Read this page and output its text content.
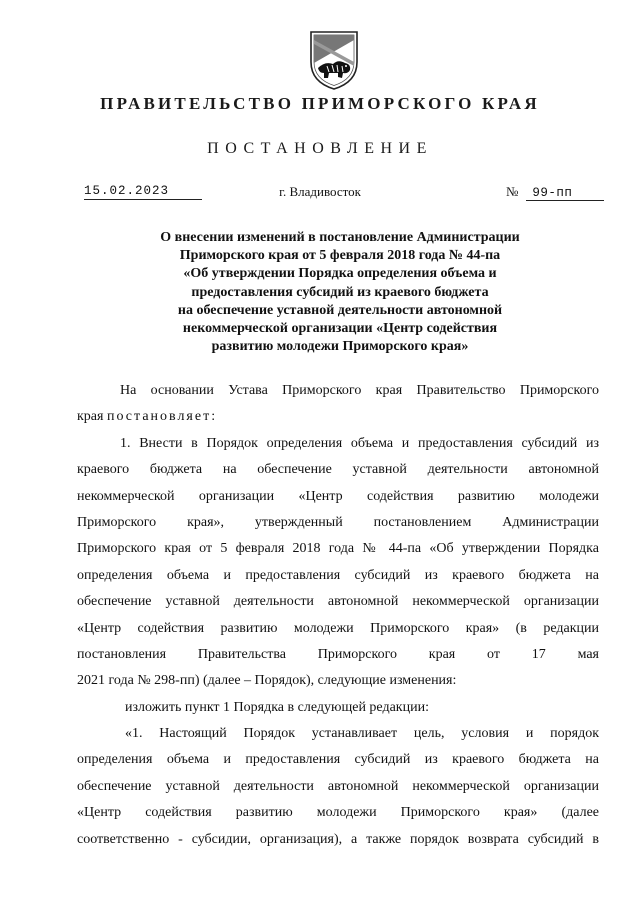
ПРАВИТЕЛЬСТВО ПРИМОРСКОГО КРАЯ
ПОСТАНОВЛЕНИЕ
15.02.2023	г. Владивосток	№ 99-пп
О внесении изменений в постановление Администрации
Приморского края от 5 февраля 2018 года № 44-па
«Об утверждении Порядка определения объема и
предоставления субсидий из краевого бюджета
на обеспечение уставной деятельности автономной
некоммерческой организации «Центр содействия
развитию молодежи Приморского края»
На основании Устава Приморского края Правительство Приморского
края постановляет:
1. Внести в Порядок определения объема и предоставления субсидий из
краевого бюджета на обеспечение уставной деятельности автономной
некоммерческой организации «Центр содействия развитию молодежи
Приморского края», утвержденный постановлением Администрации
Приморского края от 5 февраля 2018 года № 44-па «Об утверждении Порядка
определения объема и предоставления субсидий из краевого бюджета на
обеспечение уставной деятельности автономной некоммерческой организации
«Центр содействия развитию молодежи Приморского края» (в редакции
постановления Правительства Приморского края от 17 мая
2021 года № 298-пп) (далее – Порядок), следующие изменения:
изложить пункт 1 Порядка в следующей редакции:
«1. Настоящий Порядок устанавливает цель, условия и порядок
определения объема и предоставления субсидий из краевого бюджета на
обеспечение уставной деятельности автономной некоммерческой организации
«Центр содействия развитию молодежи Приморского края» (далее
соответственно - субсидии, организация), а также порядок возврата субсидий в
